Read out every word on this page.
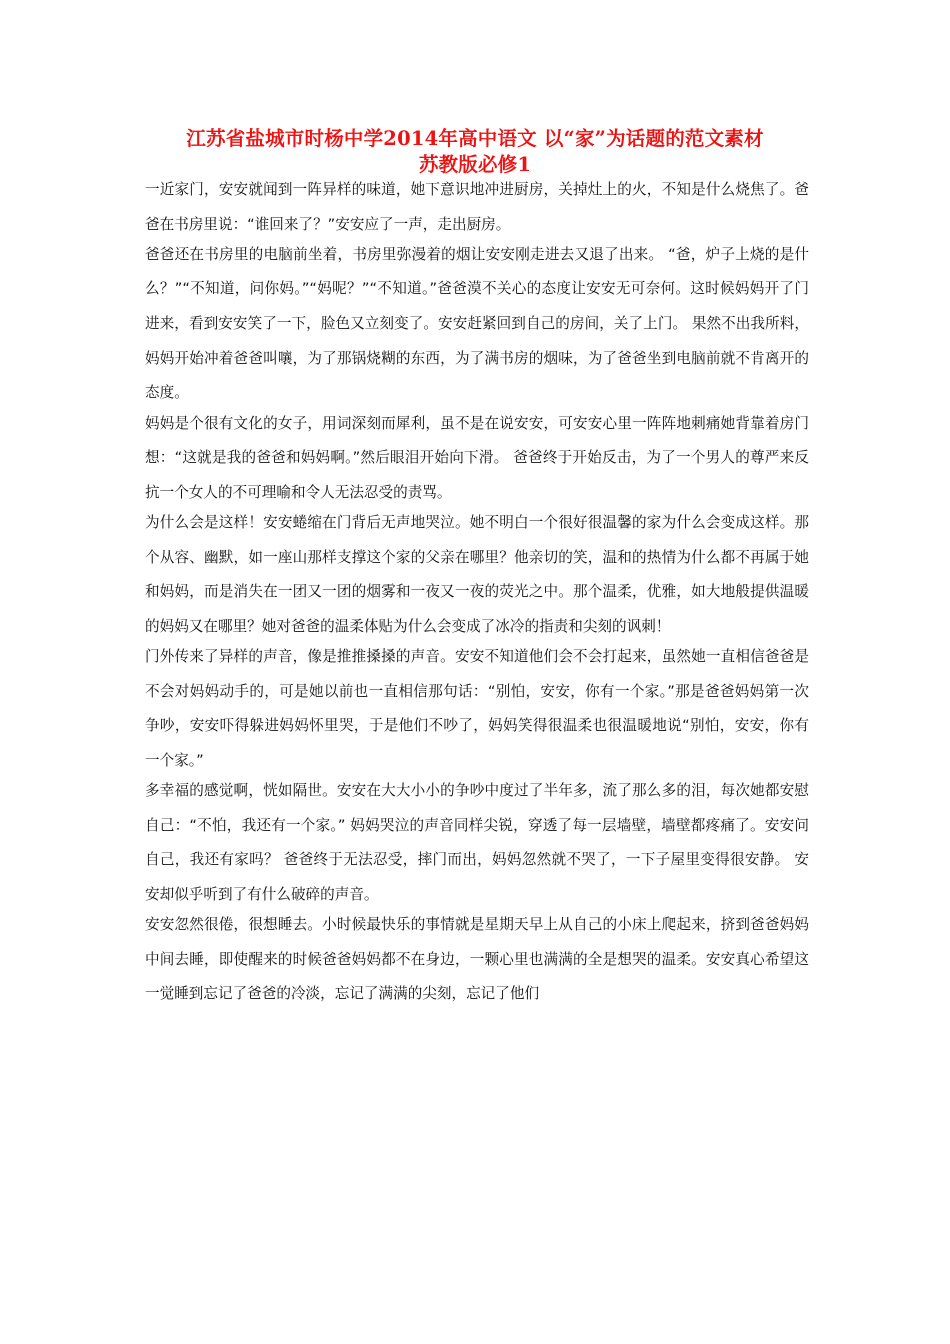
江苏省盐城市时杨中学2014年高中语文 以“家”为话题的范文素材
苏教版必修1

一近家门，安安就闻到一阵异样的味道，她下意识地冲进厨房，关掉灶上的火，不知是什么烧焦了。爸爸在书房里说：“谁回来了？”安安应了一声，走出厨房。

爸爸还在书房里的电脑前坐着，书房里弥漫着的烟让安安刚走进去又退了出来。 “爸，炉子上烧的是什么？”“不知道，问你妈。”“妈呢？”“不知道。”爸爸漠不关心的态度让安安无可奈何。这时候妈妈开了门进来，看到安安笑了一下，脸色又立刻变了。安安赶紧回到自己的房间，关了上门。 果然不出我所料，妈妈开始冲着爸爸叫嚷，为了那锅烧糊的东西，为了满书房的烟味，为了爸爸坐到电脑前就不肯离开的态度。

妈妈是个很有文化的女子，用词深刻而犀利，虽不是在说安安，可安安心里一阵阵地刺痛她背靠着房门想：“这就是我的爸爸和妈妈啊。”然后眼泪开始向下滑。 爸爸终于开始反击，为了一个男人的尊严来反抗一个女人的不可理喻和令人无法忍受的责骂。

为什么会是这样！安安蜷缩在门背后无声地哭泣。她不明白一个很好很温馨的家为什么会变成这样。那个从容、幽默，如一座山那样支撑这个家的父亲在哪里？他亲切的笑，温和的热情为什么都不再属于她和妈妈，而是消失在一团又一团的烟雾和一夜又一夜的荧光之中。那个温柔，优雅，如大地般提供温暖的妈妈又在哪里？她对爸爸的温柔体贴为什么会变成了冰冷的指责和尖刻的讽刺！

门外传来了异样的声音，像是推推搡搡的声音。安安不知道他们会不会打起来，虽然她一直相信爸爸是不会对妈妈动手的，可是她以前也一直相信那句话：“别怕，安安，你有一个家。”那是爸爸妈妈第一次争吵，安安吓得躲进妈妈怀里哭，于是他们不吵了，妈妈笑得很温柔也很温暖地说“别怕，安安，你有一个家。”

多幸福的感觉啊，恍如隔世。安安在大大小小的争吵中度过了半年多，流了那么多的泪，每次她都安慰自己：“不怕，我还有一个家。” 妈妈哭泣的声音同样尖锐，穿透了每一层墙壁，墙壁都疼痛了。安安问自己，我还有家吗？ 爸爸终于无法忍受，摔门而出，妈妈忽然就不哭了，一下子屋里变得很安静。 安安却似乎听到了有什么破碎的声音。

安安忽然很倦，很想睡去。小时候最快乐的事情就是星期天早上从自己的小床上爬起来，挤到爸爸妈妈中间去睡，即使醒来的时候爸爸妈妈都不在身边，一颗心里也满满的全是想哭的温柔。安安真心希望这一觉睡到忘记了爸爸的冷淡，忘记了满满的尖刻，忘记了他们
